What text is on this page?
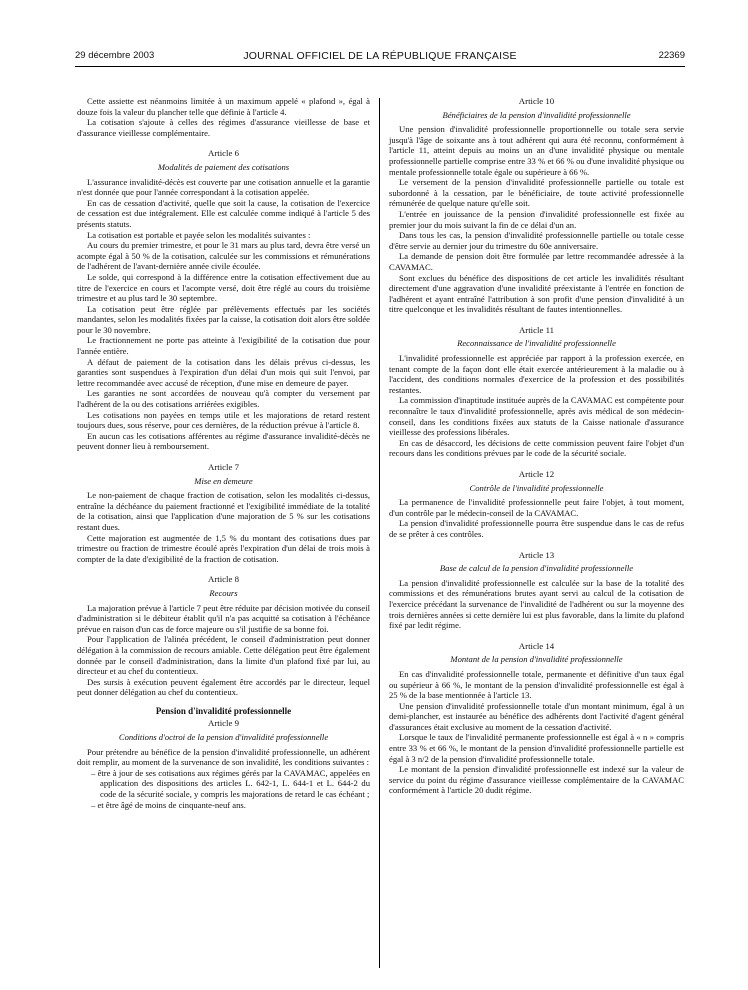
29 décembre 2003	JOURNAL OFFICIEL DE LA RÉPUBLIQUE FRANÇAISE	22369

Cette assiette est néanmoins limitée à un maximum appelé « plafond », égal à douze fois la valeur du plancher telle que définie à l'article 4.

La cotisation s'ajoute à celles des régimes d'assurance vieillesse de base et d'assurance vieillesse complémentaire.

Article 6
Modalités de paiement des cotisations

L'assurance invalidité-décès est couverte par une cotisation annuelle et la garantie n'est donnée que pour l'année correspondant à la cotisation appelée.

En cas de cessation d'activité, quelle que soit la cause, la cotisation de l'exercice de cessation est due intégralement. Elle est calculée comme indiqué à l'article 5 des présents statuts.

La cotisation est portable et payée selon les modalités suivantes :

Au cours du premier trimestre, et pour le 31 mars au plus tard, devra être versé un acompte égal à 50 % de la cotisation, calculée sur les commissions et rémunérations de l'adhérent de l'avant-dernière année civile écoulée.

Le solde, qui correspond à la différence entre la cotisation effectivement due au titre de l'exercice en cours et l'acompte versé, doit être réglé au cours du troisième trimestre et au plus tard le 30 septembre.

La cotisation peut être réglée par prélèvements effectués par les sociétés mandantes, selon les modalités fixées par la caisse, la cotisation doit alors être soldée pour le 30 novembre.

Le fractionnement ne porte pas atteinte à l'exigibilité de la cotisation due pour l'année entière.

A défaut de paiement de la cotisation dans les délais prévus ci-dessus, les garanties sont suspendues à l'expiration d'un délai d'un mois qui suit l'envoi, par lettre recommandée avec accusé de réception, d'une mise en demeure de payer.

Les garanties ne sont accordées de nouveau qu'à compter du versement par l'adhérent de la ou des cotisations arriérées exigibles.

Les cotisations non payées en temps utile et les majorations de retard restent toujours dues, sous réserve, pour ces dernières, de la réduction prévue à l'article 8.

En aucun cas les cotisations afférentes au régime d'assurance invalidité-décès ne peuvent donner lieu à remboursement.

Article 7
Mise en demeure

Le non-paiement de chaque fraction de cotisation, selon les modalités ci-dessus, entraîne la déchéance du paiement fractionné et l'exigibilité immédiate de la totalité de la cotisation, ainsi que l'application d'une majoration de 5 % sur les cotisations restant dues.

Cette majoration est augmentée de 1,5 % du montant des cotisations dues par trimestre ou fraction de trimestre écoulé après l'expiration d'un délai de trois mois à compter de la date d'exigibilité de la fraction de cotisation.

Article 8
Recours

La majoration prévue à l'article 7 peut être réduite par décision motivée du conseil d'administration si le débiteur établit qu'il n'a pas acquitté sa cotisation à l'échéance prévue en raison d'un cas de force majeure ou s'il justifie de sa bonne foi.

Pour l'application de l'alinéa précédent, le conseil d'administration peut donner délégation à la commission de recours amiable. Cette délégation peut être également donnée par le conseil d'administration, dans la limite d'un plafond fixé par lui, au directeur et au chef du contentieux.

Des sursis à exécution peuvent également être accordés par le directeur, lequel peut donner délégation au chef du contentieux.

Pension d'invalidité professionnelle
Article 9
Conditions d'octroi de la pension d'invalidité professionnelle

Pour prétendre au bénéfice de la pension d'invalidité professionnelle, un adhérent doit remplir, au moment de la survenance de son invalidité, les conditions suivantes :

– être à jour de ses cotisations aux régimes gérés par la CAVAMAC, appelées en application des dispositions des articles L. 642-1, L. 644-1 et L. 644-2 du code de la sécurité sociale, y compris les majorations de retard le cas échéant ;
– et être âgé de moins de cinquante-neuf ans.
Article 10
Bénéficiaires de la pension d'invalidité professionnelle

Une pension d'invalidité professionnelle proportionnelle ou totale sera servie jusqu'à l'âge de soixante ans à tout adhérent qui aura été reconnu, conformément à l'article 11, atteint depuis au moins un an d'une invalidité physique ou mentale professionnelle partielle comprise entre 33 % et 66 % ou d'une invalidité physique ou mentale professionnelle totale égale ou supérieure à 66 %.

Le versement de la pension d'invalidité professionnelle partielle ou totale est subordonné à la cessation, par le bénéficiaire, de toute activité professionnelle rémunérée de quelque nature qu'elle soit.

L'entrée en jouissance de la pension d'invalidité professionnelle est fixée au premier jour du mois suivant la fin de ce délai d'un an.

Dans tous les cas, la pension d'invalidité professionnelle partielle ou totale cesse d'être servie au dernier jour du trimestre du 60e anniversaire.

La demande de pension doit être formulée par lettre recommandée adressée à la CAVAMAC.

Sont exclues du bénéfice des dispositions de cet article les invalidités résultant directement d'une aggravation d'une invalidité préexistante à l'entrée en fonction de l'adhérent et ayant entraîné l'attribution à son profit d'une pension d'invalidité à un titre quelconque et les invalidités résultant de fautes intentionnelles.

Article 11
Reconnaissance de l'invalidité professionnelle

L'invalidité professionnelle est appréciée par rapport à la profession exercée, en tenant compte de la façon dont elle était exercée antérieurement à la maladie ou à l'accident, des conditions normales d'exercice de la profession et des possibilités restantes.

La commission d'inaptitude instituée auprès de la CAVAMAC est compétente pour reconnaître le taux d'invalidité professionnelle, après avis médical de son médecin-conseil, dans les conditions fixées aux statuts de la Caisse nationale d'assurance vieillesse des professions libérales.

En cas de désaccord, les décisions de cette commission peuvent faire l'objet d'un recours dans les conditions prévues par le code de la sécurité sociale.

Article 12
Contrôle de l'invalidité professionnelle

La permanence de l'invalidité professionnelle peut faire l'objet, à tout moment, d'un contrôle par le médecin-conseil de la CAVAMAC.

La pension d'invalidité professionnelle pourra être suspendue dans le cas de refus de se prêter à ces contrôles.

Article 13
Base de calcul de la pension d'invalidité professionnelle

La pension d'invalidité professionnelle est calculée sur la base de la totalité des commissions et des rémunérations brutes ayant servi au calcul de la cotisation de l'exercice précédant la survenance de l'invalidité de l'adhérent ou sur la moyenne des trois dernières années si cette dernière lui est plus favorable, dans la limite du plafond fixé par ledit régime.

Article 14
Montant de la pension d'invalidité professionnelle

En cas d'invalidité professionnelle totale, permanente et définitive d'un taux égal ou supérieur à 66 %, le montant de la pension d'invalidité professionnelle est égal à 25 % de la base mentionnée à l'article 13.

Une pension d'invalidité professionnelle totale d'un montant minimum, égal à un demi-plancher, est instaurée au bénéfice des adhérents dont l'activité d'agent général d'assurances était exclusive au moment de la cessation d'activité.

Lorsque le taux de l'invalidité permanente professionnelle est égal à « n » compris entre 33 % et 66 %, le montant de la pension d'invalidité professionnelle partielle est égal à 3 n/2 de la pension d'invalidité professionnelle totale.

Le montant de la pension d'invalidité professionnelle est indexé sur la valeur de service du point du régime d'assurance vieillesse complémentaire de la CAVAMAC conformément à l'article 20 dudit régime.
